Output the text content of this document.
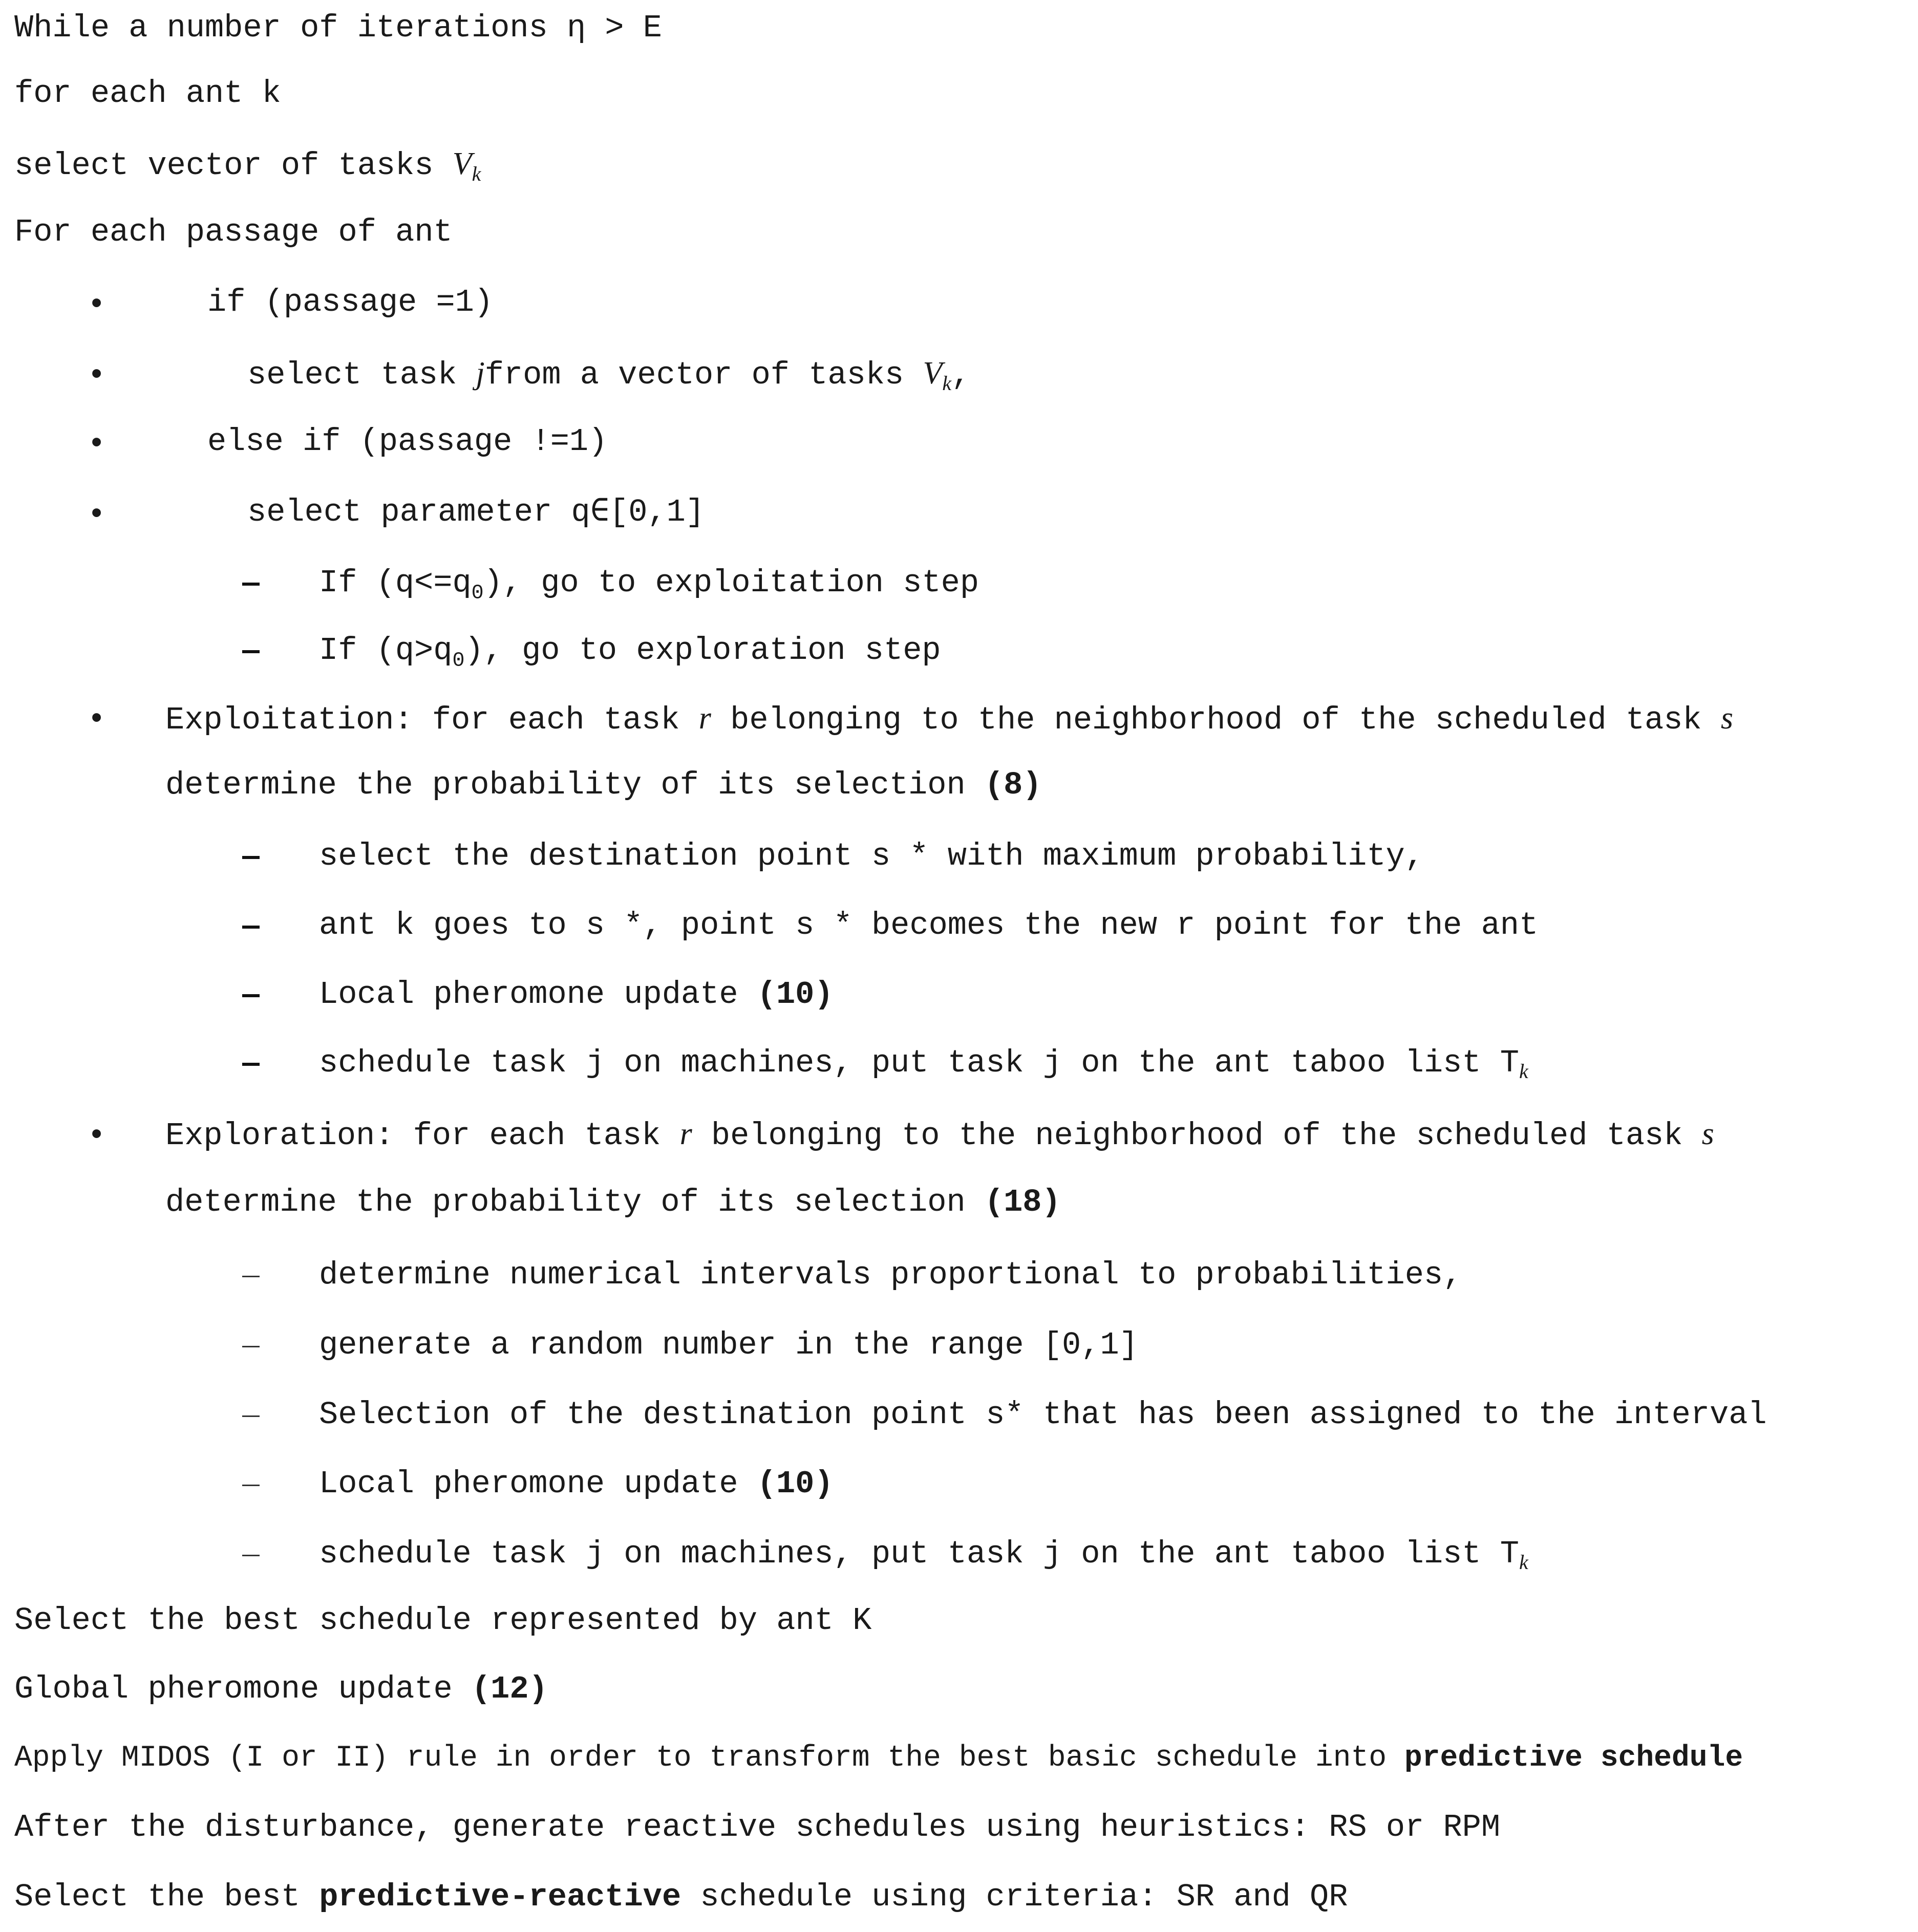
While a number of iterations η > E
for each ant k
select vector of tasks $V_k$
For each passage of ant
•	if (passage =1)
•	select task jfrom a vector of tasks $V_k$,
•	else if (passage !=1)
•	select parameter q∈[0,1]
If $(q<=q_0)$, go to exploitation step
If $(q>q_0)$, go to exploration step
• Exploitation: for each task r belonging to the neighborhood of the scheduled task s
determine the probability of its selection (8)
select the destination point s * with maximum probability,
ant k goes to s *, point s * becomes the new r point for the ant
Local pheromone update (10)
schedule task j on machines, put task j on the ant taboo list $T_k$
• Exploration: for each task r belonging to the neighborhood of the scheduled task s
determine the probability of its selection (18)
determine numerical intervals proportional to probabilities,
generate a random number in the range [0,1]
Selection of the destination point s* that has been assigned to the interval
Local pheromone update (10)
schedule task j on machines, put task j on the ant taboo list $T_k$
Select the best schedule represented by ant K
Global pheromone update (12)
Apply MIDOS (I or II) rule in order to transform the best basic schedule into predictive schedule
After the disturbance, generate reactive schedules using heuristics: RS or RPM
Select the best predictive-reactive schedule using criteria: SR and QR
